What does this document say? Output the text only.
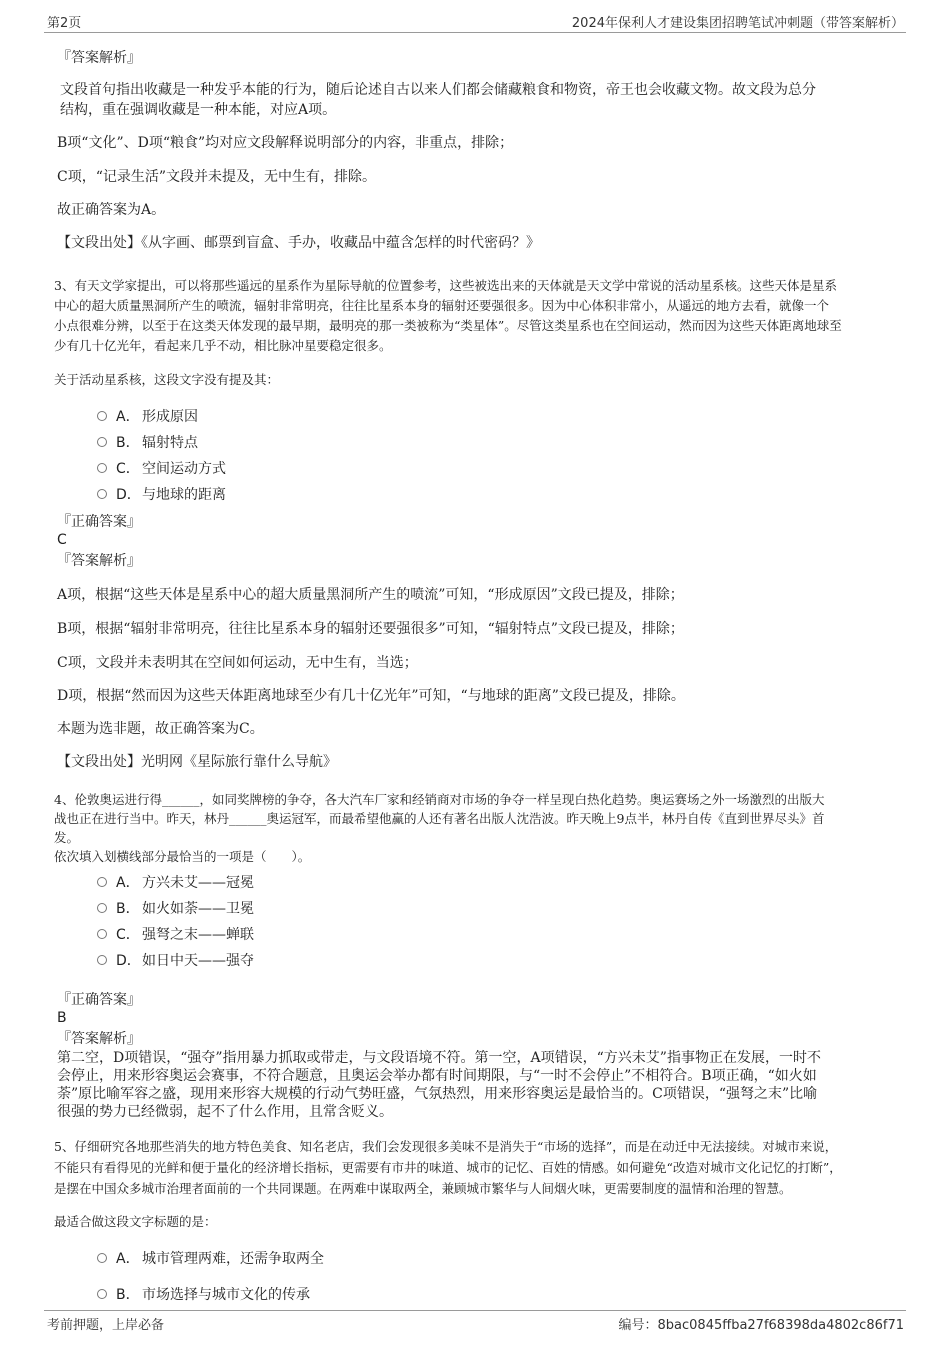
第2页	2024年保利人才建设集团招聘笔试冲刺题（带答案解析）
『答案解析』
文段首句指出收藏是一种发乎本能的行为，随后论述自古以来人们都会储藏粮食和物资，帝王也会收藏文物。故文段为总分
结构，重在强调收藏是一种本能，对应A项。
B项“文化”、D项“粮食”均对应文段解释说明部分的内容，非重点，排除；
C项，“记录生活”文段并未提及，无中生有，排除。
故正确答案为A。
【文段出处】《从字画、邮票到盲盒、手办，收藏品中蕴含怎样的时代密码？》
3、有天文学家提出，可以将那些遥远的星系作为星际导航的位置参考，这些被选出来的天体就是天文学中常说的活动星系核。这些天体是星系
中心的超大质量黑洞所产生的喷流，辐射非常明亮，往往比星系本身的辐射还要强很多。因为中心体积非常小，从遥远的地方去看，就像一个
小点很难分辨，以至于在这类天体发现的最早期，最明亮的那一类被称为“类星体”。尽管这类星系也在空间运动，然而因为这些天体距离地球至
少有几十亿光年，看起来几乎不动，相比脉冲星要稳定很多。
关于活动星系核，这段文字没有提及其：
A． 形成原因
B． 辐射特点
C． 空间运动方式
D．与地球的距离
『正确答案』
C
『答案解析』
A项，根据“这些天体是星系中心的超大质量黑洞所产生的喷流”可知，“形成原因”文段已提及，排除；
B项，根据“辐射非常明亮，往往比星系本身的辐射还要强很多”可知，“辐射特点”文段已提及，排除；
C项，文段并未表明其在空间如何运动，无中生有，当选；
D项，根据“然而因为这些天体距离地球至少有几十亿光年”可知，“与地球的距离”文段已提及，排除。
本题为选非题，故正确答案为C。
【文段出处】光明网《星际旅行靠什么导航》
4、伦敦奥运进行得______，如同奖牌榜的争夺，各大汽车厂家和经销商对市场的争夺一样呈现白热化趋势。奥运赛场之外一场激烈的出版大
战也正在进行当中。昨天，林丹______奥运冠军，而最希望他赢的人还有著名出版人沈浩波。昨天晚上9点半，林丹自传《直到世界尽头》首
发。
依次填入划横线部分最恰当的一项是（　　）。
A． 方兴未艾——冠冕
B． 如火如荼——卫冕
C． 强弩之末——蝉联
D．如日中天——强夺
『正确答案』
B
『答案解析』
第二空，D项错误，“强夺”指用暴力抓取或带走，与文段语境不符。第一空，A项错误，“方兴未艾”指事物正在发展，一时不
会停止，用来形容奥运会赛事，不符合题意，且奥运会举办都有时间期限，与“一时不会停止”不相符合。B项正确，“如火如
荼”原比喻军容之盛，现用来形容大规模的行动气势旺盛，气氛热烈，用来形容奥运是最恰当的。C项错误，“强弩之末”比喻
很强的势力已经微弱，起不了什么作用，且常含贬义。
5、仔细研究各地那些消失的地方特色美食、知名老店，我们会发现很多美味不是消失于“市场的选择”，而是在动迁中无法接续。对城市来说，
不能只有看得见的光鲜和便于量化的经济增长指标，更需要有市井的味道、城市的记忆、百姓的情感。如何避免“改造对城市文化记忆的打断”，
是摆在中国众多城市治理者面前的一个共同课题。在两难中谋取两全，兼顾城市繁华与人间烟火味，更需要制度的温情和治理的智慧。
最适合做这段文字标题的是：
A． 城市管理两难，还需争取两全
B． 市场选择与城市文化的传承
考前押题，上岸必备	编号：8bac0845ffba27f68398da4802c86f71
